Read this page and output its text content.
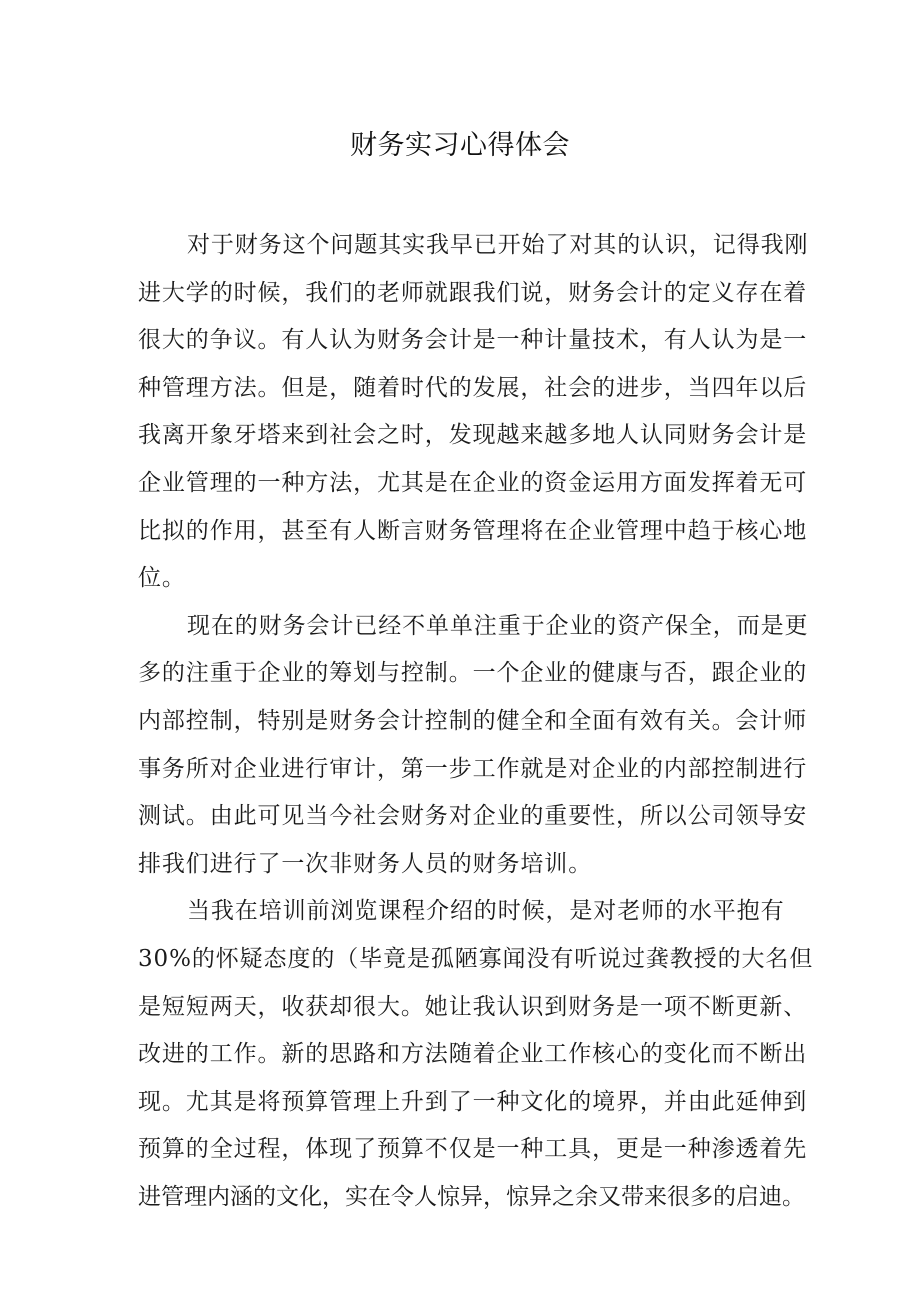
财务实习心得体会
对于财务这个问题其实我早已开始了对其的认识，记得我刚
进大学的时候，我们的老师就跟我们说，财务会计的定义存在着
很大的争议。有人认为财务会计是一种计量技术，有人认为是一
种管理方法。但是，随着时代的发展，社会的进步，当四年以后
我离开象牙塔来到社会之时，发现越来越多地人认同财务会计是
企业管理的一种方法，尤其是在企业的资金运用方面发挥着无可
比拟的作用，甚至有人断言财务管理将在企业管理中趋于核心地
位。
现在的财务会计已经不单单注重于企业的资产保全，而是更
多的注重于企业的筹划与控制。一个企业的健康与否，跟企业的
内部控制，特别是财务会计控制的健全和全面有效有关。会计师
事务所对企业进行审计，第一步工作就是对企业的内部控制进行
测试。由此可见当今社会财务对企业的重要性，所以公司领导安
排我们进行了一次非财务人员的财务培训。
当我在培训前浏览课程介绍的时候，是对老师的水平抱有
30%的怀疑态度的（毕竟是孤陋寡闻没有听说过龚教授的大名但
是短短两天，收获却很大。她让我认识到财务是一项不断更新、
改进的工作。新的思路和方法随着企业工作核心的变化而不断出
现。尤其是将预算管理上升到了一种文化的境界，并由此延伸到
预算的全过程，体现了预算不仅是一种工具，更是一种渗透着先
进管理内涵的文化，实在令人惊异，惊异之余又带来很多的启迪。
